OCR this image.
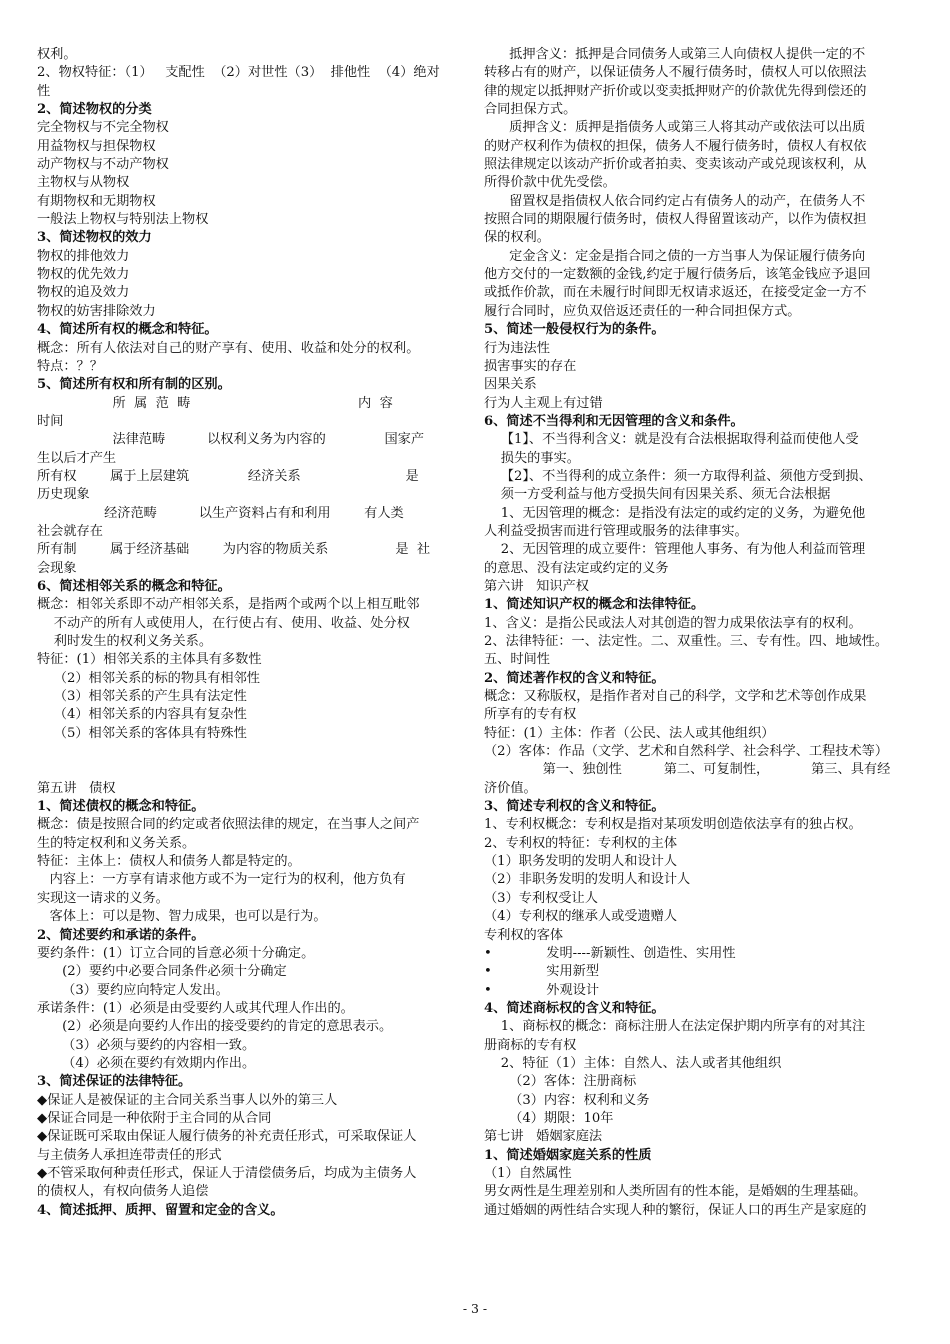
权利。
2、物权特征：（1）   支配性  （2）对世性（3）  排他性  （4）绝对
性
2、简述物权的分类
完全物权与不完全物权
用益物权与担保物权
动产物权与不动产物权
主物权与从物权
有期物权和无期物权
一般法上物权与特别法上物权
3、简述物权的效力
物权的排他效力
物权的优先效力
物权的追及效力
物权的妨害排除效力
4、简述所有权的概念和特征。
概念：所有人依法对自己的财产享有、使用、收益和处分的权利。
特点：？？
5、简述所有权和所有制的区别。
所  属  范  畴                                        内  容
时间
法律范畴          以权利义务为内容的              国家产
生以后才产生
所有权        属于上层建筑              经济关系                         是
历史现象
经济范畴          以生产资料占有和利用        有人类
社会就存在
所有制        属于经济基础        为内容的物质关系                是  社
会现象
6、简述相邻关系的概念和特征。
概念：相邻关系即不动产相邻关系，是指两个或两个以上相互毗邻
不动产的所有人或使用人，在行使占有、使用、收益、处分权
利时发生的权利义务关系。
特征：(1）相邻关系的主体具有多数性
（2）相邻关系的标的物具有相邻性
（3）相邻关系的产生具有法定性
（4）相邻关系的内容具有复杂性
（5）相邻关系的客体具有特殊性
第五讲   债权
1、简述债权的概念和特征。
概念：债是按照合同的约定或者依照法律的规定，在当事人之间产
生的特定权利和义务关系。
特征：主体上：债权人和债务人都是特定的。
内容上：一方享有请求他方或不为一定行为的权利，他方负有
实现这一请求的义务。
客体上：可以是物、智力成果，也可以是行为。
2、简述要约和承诺的条件。
要约条件：(1）订立合同的旨意必须十分确定。
(2）要约中必要合同条件必须十分确定
（3）要约应向特定人发出。
承诺条件：(1）必须是由受要约人或其代理人作出的。
(2）必须是向要约人作出的接受要约的肯定的意思表示。
（3）必须与要约的内容相一致。
（4）必须在要约有效期内作出。
3、简述保证的法律特征。
◆保证人是被保证的主合同关系当事人以外的第三人
◆保证合同是一种依附于主合同的从合同
◆保证既可采取由保证人履行债务的补充责任形式，可采取保证人
与主债务人承担连带责任的形式
◆不管采取何种责任形式，保证人于清偿债务后，均成为主债务人
的债权人，有权向债务人追偿
4、简述抵押、质押、留置和定金的含义。
抵押含义：抵押是合同债务人或第三人向债权人提供一定的不
转移占有的财产，以保证债务人不履行债务时，债权人可以依照法
律的规定以抵押财产折价或以变卖抵押财产的价款优先得到偿还的
合同担保方式。
质押含义：质押是指债务人或第三人将其动产或依法可以出质
的财产权利作为债权的担保，债务人不履行债务时，债权人有权依
照法律规定以该动产折价或者拍卖、变卖该动产或兑现该权利，从
所得价款中优先受偿。
留置权是指债权人依合同约定占有债务人的动产，在债务人不
按照合同的期限履行债务时，债权人得留置该动产，以作为债权担
保的权利。
定金含义：定金是指合同之债的一方当事人为保证履行债务向
他方交付的一定数额的金钱,约定于履行债务后，该笔金钱应予退回
或抵作价款，而在未履行时间即无权请求返还，在接受定金一方不
履行合同时，应负双倍返还责任的一种合同担保方式。
5、简述一般侵权行为的条件。
行为违法性
损害事实的存在
因果关系
行为人主观上有过错
6、简述不当得利和无因管理的含义和条件。
【1】、不当得利含义：就是没有合法根据取得利益而使他人受
损失的事实。
【2】、不当得利的成立条件：须一方取得利益、须他方受到损、
须一方受利益与他方受损失间有因果关系、须无合法根据
1、无因管理的概念：是指没有法定的或约定的义务，为避免他
人利益受损害而进行管理或服务的法律事实。
2、无因管理的成立要件：管理他人事务、有为他人利益而管理
的意思、没有法定或约定的义务
第六讲   知识产权
1、简述知识产权的概念和法律特征。
1、含义：是指公民或法人对其创造的智力成果依法享有的权利。
2、法律特征：一、法定性。二、双重性。三、专有性。四、地域性。
五、时间性
2、简述著作权的含义和特征。
概念：又称版权，是指作者对自己的科学，文学和艺术等创作成果
所享有的专有权
特征：(1）主体：作者（公民、法人或其他组织）
（2）客体：作品（文学、艺术和自然科学、社会科学、工程技术等）
第一、独创性          第二、可复制性，          第三、具有经
济价值。
3、简述专利权的含义和特征。
1、专利权概念：专利权是指对某项发明创造依法享有的独占权。
2、专利权的特征：专利权的主体
（1）职务发明的发明人和设计人
（2）非职务发明的发明人和设计人
（3）专利权受让人
（4）专利权的继承人或受遗赠人
专利权的客体
•             发明----新颖性、创造性、实用性
•             实用新型
•             外观设计
4、简述商标权的含义和特征。
1、商标权的概念：商标注册人在法定保护期内所享有的对其注
册商标的专有权
2、特征（1）主体：自然人、法人或者其他组织
（2）客体：注册商标
（3）内容：权利和义务
（4）期限：10年
第七讲   婚姻家庭法
1、简述婚姻家庭关系的性质
（1）自然属性
男女两性是生理差别和人类所固有的性本能，是婚姻的生理基础。
通过婚姻的两性结合实现人种的繁衍，保证人口的再生产是家庭的
- 3 -
